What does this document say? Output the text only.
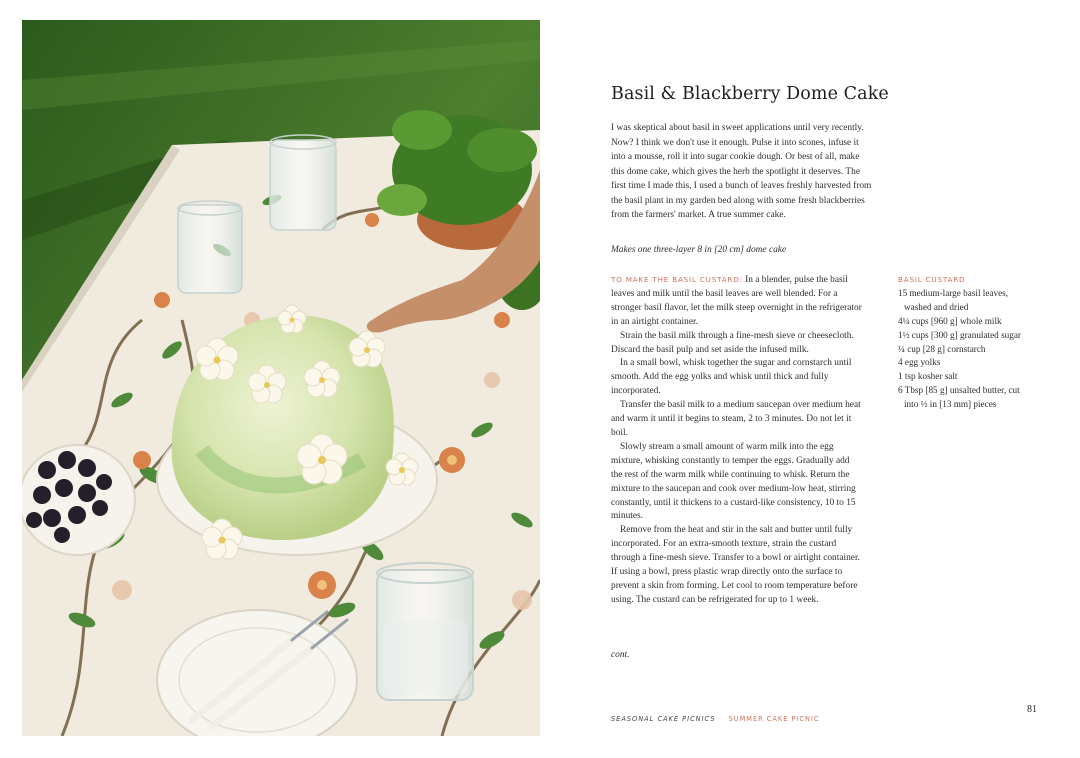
Basil & Blackberry Dome Cake

I was skeptical about basil in sweet applications until very recently. Now? I think we don't use it enough. Pulse it into scones, infuse it into a mousse, roll it into sugar cookie dough. Or best of all, make this dome cake, which gives the herb the spotlight it deserves. The first time I made this, I used a bunch of leaves freshly harvested from the basil plant in my garden bed along with some fresh blackberries from the farmers' market. A true summer cake.

Makes one three-layer 8 in [20 cm] dome cake

TO MAKE THE BASIL CUSTARD: In a blender, pulse the basil leaves and milk until the basil leaves are well blended. For a stronger basil flavor, let the milk steep overnight in the refrigerator in an airtight container.

Strain the basil milk through a fine-mesh sieve or cheesecloth. Discard the basil pulp and set aside the infused milk.

In a small bowl, whisk together the sugar and cornstarch until smooth. Add the egg yolks and whisk until thick and fully incorporated.

Transfer the basil milk to a medium saucepan over medium heat and warm it until it begins to steam, 2 to 3 minutes. Do not let it boil.

Slowly stream a small amount of warm milk into the egg mixture, whisking constantly to temper the eggs. Gradually add the rest of the warm milk while continuing to whisk. Return the mixture to the saucepan and cook over medium-low heat, stirring constantly, until it thickens to a custard-like consistency, 10 to 15 minutes.

Remove from the heat and stir in the salt and butter until fully incorporated. For an extra-smooth texture, strain the custard through a fine-mesh sieve. Transfer to a bowl or airtight container. If using a bowl, press plastic wrap directly onto the surface to prevent a skin from forming. Let cool to room temperature before using. The custard can be refrigerated for up to 1 week.

cont.
BASIL CUSTARD
15 medium-large basil leaves, washed and dried
4¼ cups [960 g] whole milk
1½ cups [300 g] granulated sugar
¼ cup [28 g] cornstarch
4 egg yolks
1 tsp kosher salt
6 Tbsp [85 g] unsalted butter, cut into ½ in [13 mm] pieces
SEASONAL CAKE PICNICS SUMMER CAKE PICNIC
81
